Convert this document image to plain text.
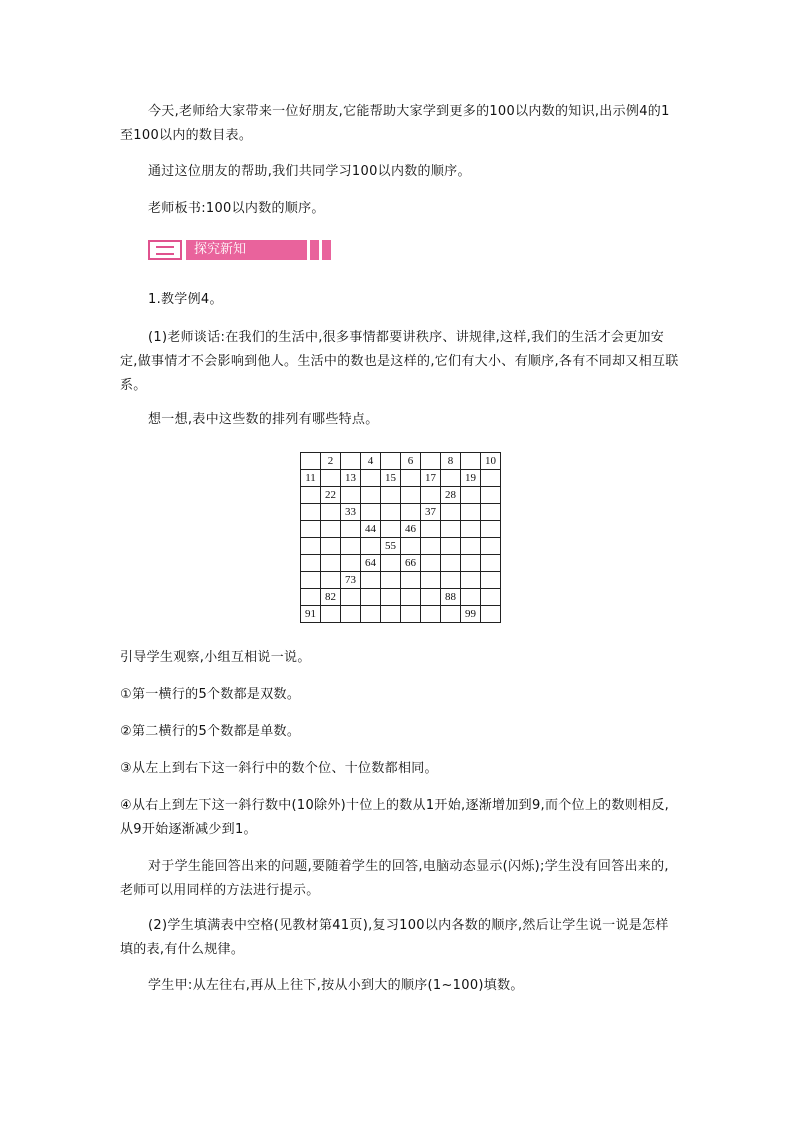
今天,老师给大家带来一位好朋友,它能帮助大家学到更多的100以内数的知识,出示例4的1至100以内的数目表。

通过这位朋友的帮助,我们共同学习100以内数的顺序。

老师板书:100以内数的顺序。

探究新知

1.教学例4。

(1)老师谈话:在我们的生活中,很多事情都要讲秩序、讲规律,这样,我们的生活才会更加安定,做事情才不会影响到他人。生活中的数也是这样的,它们有大小、有顺序,各有不同却又相互联系。

想一想,表中这些数的排列有哪些特点。

	2		4		6		8		10
11		13		15		17		19	
	22						28		
		33				37			
			44		46				
				55					
			64		66				
		73							
	82						88		
91								99	

引导学生观察,小组互相说一说。

①第一横行的5个数都是双数。

②第二横行的5个数都是单数。

③从左上到右下这一斜行中的数个位、十位数都相同。

④从右上到左下这一斜行数中(10除外)十位上的数从1开始,逐渐增加到9,而个位上的数则相反,从9开始逐渐减少到1。

对于学生能回答出来的问题,要随着学生的回答,电脑动态显示(闪烁);学生没有回答出来的,老师可以用同样的方法进行提示。

(2)学生填满表中空格(见教材第41页),复习100以内各数的顺序,然后让学生说一说是怎样填的表,有什么规律。

学生甲:从左往右,再从上往下,按从小到大的顺序(1~100)填数。
